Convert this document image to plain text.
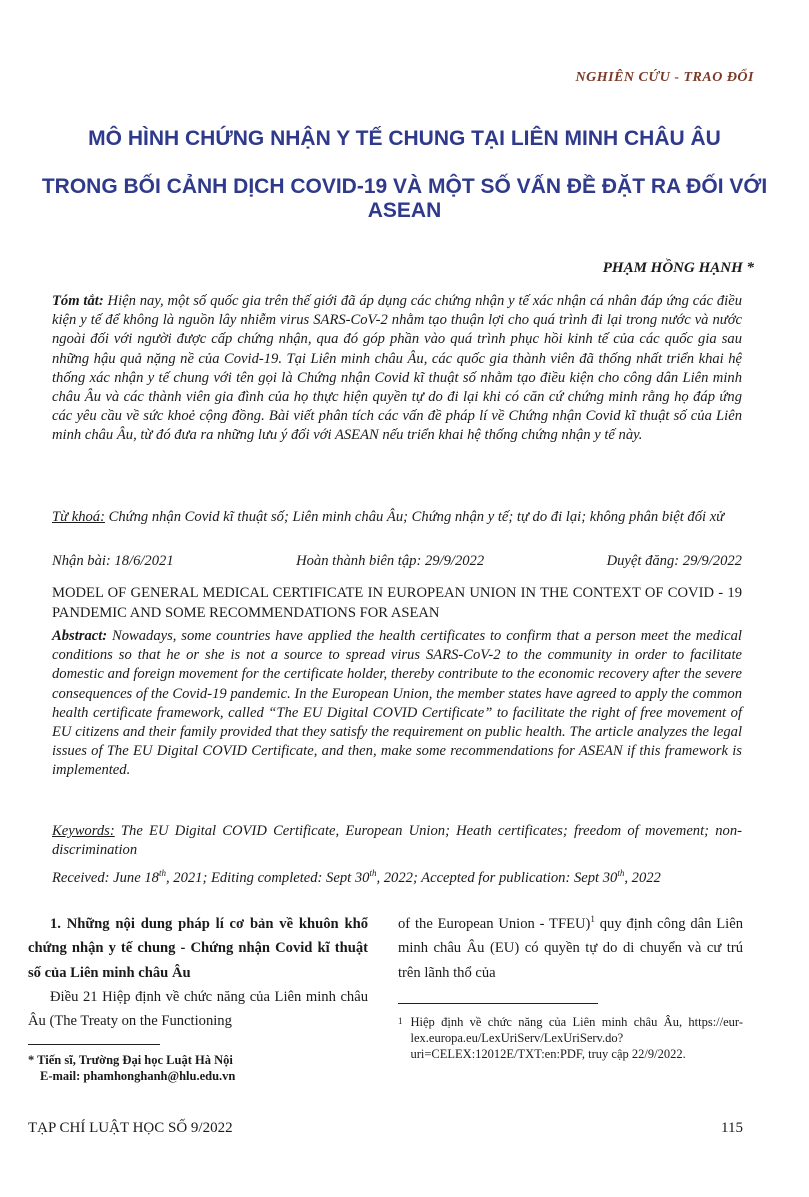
NGHIÊN CỨU - TRAO ĐỔI
MÔ HÌNH CHỨNG NHẬN Y TẾ CHUNG TẠI LIÊN MINH CHÂU ÂU
TRONG BỐI CẢNH DỊCH COVID-19 VÀ MỘT SỐ VẤN ĐỀ ĐẶT RA ĐỐI VỚI ASEAN
PHẠM HỒNG HẠNH *
Tóm tắt: Hiện nay, một số quốc gia trên thế giới đã áp dụng các chứng nhận y tế xác nhận cá nhân đáp ứng các điều kiện y tế để không là nguồn lây nhiễm virus SARS-CoV-2 nhằm tạo thuận lợi cho quá trình đi lại trong nước và nước ngoài đối với người được cấp chứng nhận, qua đó góp phần vào quá trình phục hồi kinh tế của các quốc gia sau những hậu quả nặng nề của Covid-19. Tại Liên minh châu Âu, các quốc gia thành viên đã thống nhất triển khai hệ thống xác nhận y tế chung với tên gọi là Chứng nhận Covid kĩ thuật số nhằm tạo điều kiện cho công dân Liên minh châu Âu và các thành viên gia đình của họ thực hiện quyền tự do đi lại khi có căn cứ chứng minh rằng họ đáp ứng các yêu cầu về sức khoẻ cộng đồng. Bài viết phân tích các vấn đề pháp lí về Chứng nhận Covid kĩ thuật số của Liên minh châu Âu, từ đó đưa ra những lưu ý đối với ASEAN nếu triển khai hệ thống chứng nhận y tế này.
Từ khoá: Chứng nhận Covid kĩ thuật số; Liên minh châu Âu; Chứng nhận y tế; tự do đi lại; không phân biệt đối xử
Nhận bài: 18/6/2021	Hoàn thành biên tập: 29/9/2022	Duyệt đăng: 29/9/2022
MODEL OF GENERAL MEDICAL CERTIFICATE IN EUROPEAN UNION IN THE CONTEXT OF COVID - 19 PANDEMIC AND SOME RECOMMENDATIONS FOR ASEAN
Abstract: Nowadays, some countries have applied the health certificates to confirm that a person meet the medical conditions so that he or she is not a source to spread virus SARS-CoV-2 to the community in order to facilitate domestic and foreign movement for the certificate holder, thereby contribute to the economic recovery after the severe consequences of the Covid-19 pandemic. In the European Union, the member states have agreed to apply the common health certificate framework, called “The EU Digital COVID Certificate” to facilitate the right of free movement of EU citizens and their family provided that they satisfy the requirement on public health. The article analyzes the legal issues of The EU Digital COVID Certificate, and then, make some recommendations for ASEAN if this framework is implemented.
Keywords: The EU Digital COVID Certificate, European Union; Heath certificates; freedom of movement; non-discrimination
Received: June 18th, 2021; Editing completed: Sept 30th, 2022; Accepted for publication: Sept 30th, 2022
1. Những nội dung pháp lí cơ bản về khuôn khổ chứng nhận y tế chung - Chứng nhận Covid kĩ thuật số của Liên minh châu Âu
Điều 21 Hiệp định về chức năng của Liên minh châu Âu (The Treaty on the Functioning
* Tiến sĩ, Trường Đại học Luật Hà Nội
E-mail: phamhonghanh@hlu.edu.vn
of the European Union - TFEU)$^1$ quy định công dân Liên minh châu Âu (EU) có quyền tự do di chuyển và cư trú trên lãnh thổ của
1 Hiệp định về chức năng của Liên minh châu Âu, https://eur-lex.europa.eu/LexUriServ/LexUriServ.do?uri=CELEX:12012E/TXT:en:PDF, truy cập 22/9/2022.
TẠP CHÍ LUẬT HỌC SỐ 9/2022	115
